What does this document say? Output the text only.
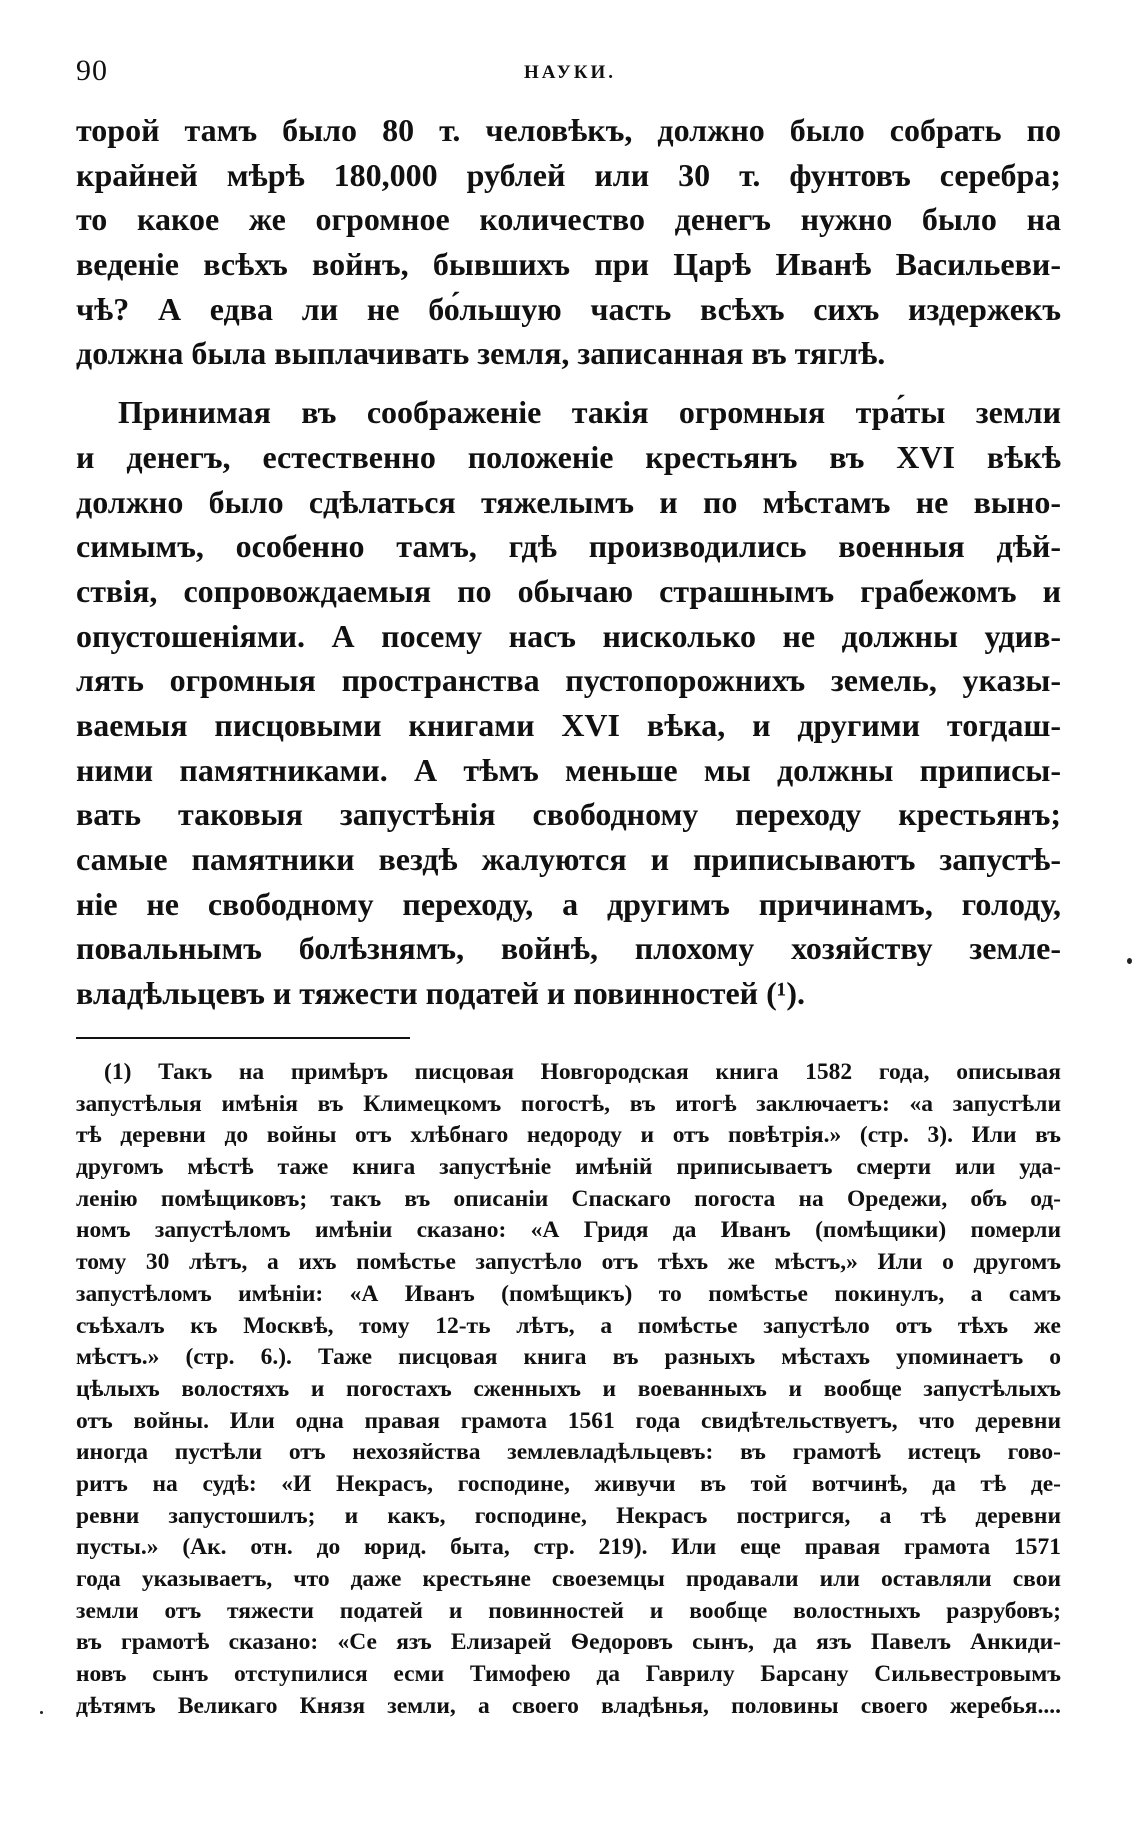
90	НАУКИ.
торой тамъ было 80 т. человѣкъ, должно было собрать по
крайней мѣрѣ 180,000 рублей или 30 т. фунтовъ серебра;
то какое же огромное количество денегъ нужно было на
веденіе всѣхъ войнъ, бывшихъ при Царѣ Иванѣ Васильеви-
чѣ? А едва ли не бо́льшую часть всѣхъ сихъ издержекъ
должна была выплачивать земля, записанная въ тяглѣ.
Принимая въ соображеніе такія огромныя тра́ты земли
и денегъ, естественно положеніе крестьянъ въ XVI вѣкѣ
должно было сдѣлаться тяжелымъ и по мѣстамъ не выно-
симымъ, особенно тамъ, гдѣ производились военныя дѣй-
ствія, сопровождаемыя по обычаю страшнымъ грабежомъ и
опустошеніями. А посему насъ нисколько не должны удив-
лять огромныя пространства пустопорожнихъ земель, указы-
ваемыя писцовыми книгами XVI вѣка, и другими тогдаш-
ними памятниками. А тѣмъ меньше мы должны приписы-
вать таковыя запустѣнія свободному переходу крестьянъ;
самые памятники вездѣ жалуются и приписываютъ запустѣ-
ніе не свободному переходу, а другимъ причинамъ, голоду,
повальнымъ болѣзнямъ, войнѣ, плохому хозяйству земле-
владѣльцевъ и тяжести податей и повинностей (¹).
(1) Такъ на примѣръ писцовая Новгородская книга 1582 года, описывая
запустѣлыя имѣнія въ Климецкомъ погостѣ, въ итогѣ заключаетъ: «а запустѣли
тѣ деревни до войны отъ хлѣбнаго недороду и отъ повѣтрія.» (стр. 3). Или въ
другомъ мѣстѣ таже книга запустѣніе имѣній приписываетъ смерти или уда-
ленію помѣщиковъ; такъ въ описаніи Спаскаго погоста на Оредежи, объ од-
номъ запустѣломъ имѣніи сказано: «А Гридя да Иванъ (помѣщики) померли
тому 30 лѣтъ, а ихъ помѣстье запустѣло отъ тѣхъ же мѣстъ,» Или о другомъ
запустѣломъ имѣніи: «А Иванъ (помѣщикъ) то помѣстье покинулъ, а самъ
съѣхалъ къ Москвѣ, тому 12-ть лѣтъ, а помѣстье запустѣло отъ тѣхъ же
мѣстъ.» (стр. 6.). Таже писцовая книга въ разныхъ мѣстахъ упоминаетъ о
цѣлыхъ волостяхъ и погостахъ сженныхъ и воеванныхъ и вообще запустѣлыхъ
отъ войны. Или одна правая грамота 1561 года свидѣтельствуетъ, что деревни
иногда пустѣли отъ нехозяйства землевладѣльцевъ: въ грамотѣ истецъ гово-
ритъ на судѣ: «И Некрасъ, господине, живучи въ той вотчинѣ, да тѣ де-
ревни запустошилъ; и какъ, господине, Некрасъ постригся, а тѣ деревни
пусты.» (Ак. отн. до юрид. быта, стр. 219). Или еще правая грамота 1571
года указываетъ, что даже крестьяне своеземцы продавали или оставляли свои
земли отъ тяжести податей и повинностей и вообще волостныхъ разрубовъ;
въ грамотѣ сказано: «Се язъ Елизарей Ѳедоровъ сынъ, да язъ Павелъ Анкиди-
новъ сынъ отступилися есми Тимофею да Гаврилу Барсану Сильвестровымъ
дѣтямъ Великаго Князя земли, а своего владѣнья, половины своего жеребья....
